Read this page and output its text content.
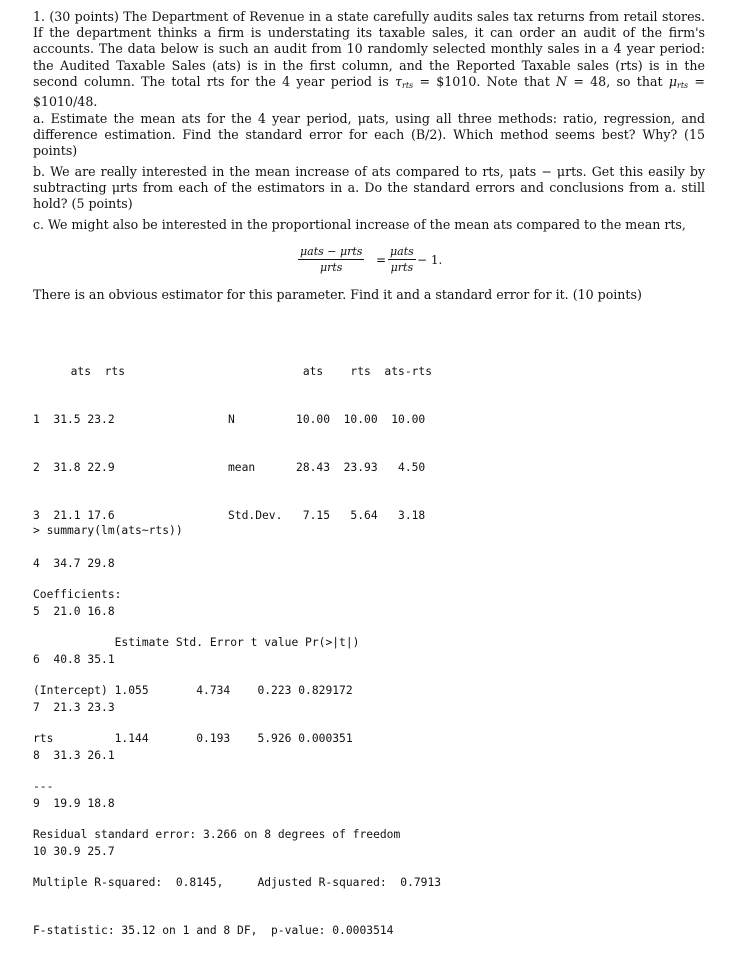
1. (30 points) The Department of Revenue in a state carefully audits sales tax returns from retail stores. If the department thinks a firm is understating its taxable sales, it can order an audit of the firm's accounts. The data below is such an audit from 10 randomly selected monthly sales in a 4 year period: the Audited Taxable Sales (ats) is in the first column, and the Reported Taxable sales (rts) is in the second column. The total rts for the 4 year period is $\tau_{rts}$ = $1010. Note that N = 48, so that $\mu_{rts}$ = $1010/48.
a. Estimate the mean ats for the 4 year period, μats, using all three methods: ratio, regression, and difference estimation. Find the standard error for each (B/2). Which method seems best? Why? (15 points)
b. We are really interested in the mean increase of ats compared to rts, μats − μrts. Get this easily by subtracting μrts from each of the estimators in a. Do the standard errors and conclusions from a. still hold? (5 points)
c. We might also be interested in the proportional increase of the mean ats compared to the mean rts,
μats − μrts
μrts
=
μats
μrts
− 1.
There is an obvious estimator for this parameter. Find it and a standard error for it. (10 points)

ats  rts

1  31.5 23.2

2  31.8 22.9

3  21.1 17.6

4  34.7 29.8

5  21.0 16.8

6  40.8 35.1

7  21.3 23.3

8  31.3 26.1

9  19.9 18.8

10 30.9 25.7

ats    rts  ats-rts

N         10.00  10.00  10.00

mean      28.43  23.93   4.50

Std.Dev.   7.15   5.64   3.18

> summary(lm(ats~rts))

Coefficients:

Estimate Std. Error t value Pr(>|t|)

(Intercept) 1.055       4.734    0.223 0.829172

rts         1.144       0.193    5.926 0.000351

---

Residual standard error: 3.266 on 8 degrees of freedom

Multiple R-squared:  0.8145,     Adjusted R-squared:  0.7913

F-statistic: 35.12 on 1 and 8 DF,  p-value: 0.0003514
